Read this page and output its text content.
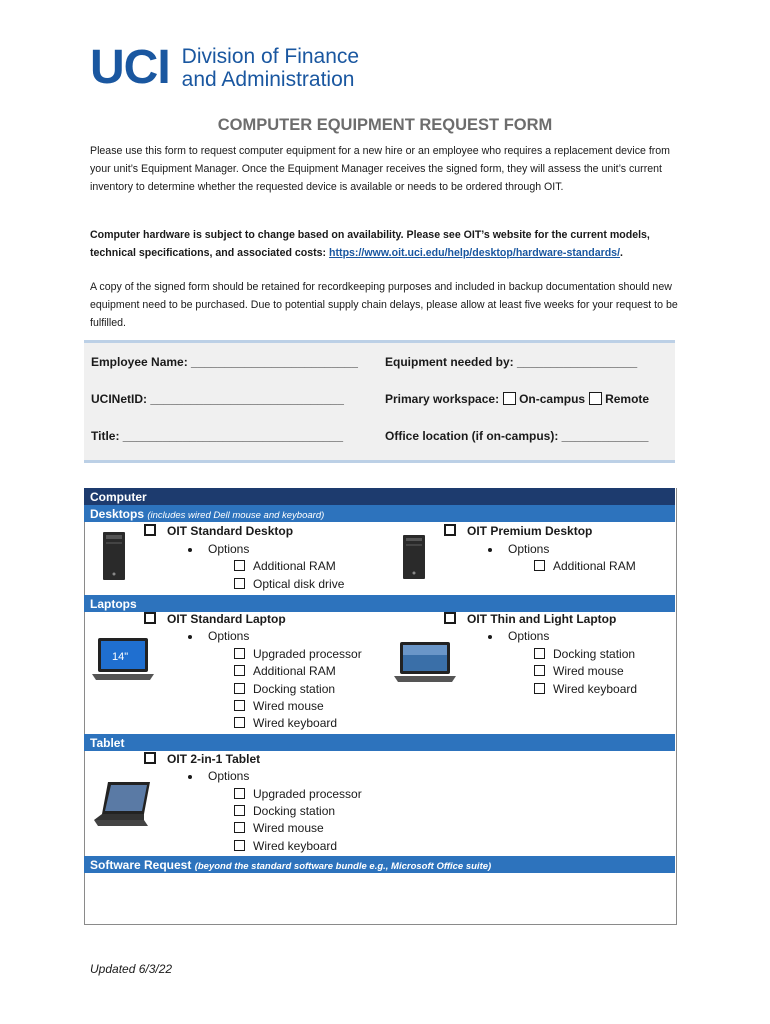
UCI Division of Finance
and Administration
COMPUTER EQUIPMENT REQUEST FORM
Please use this form to request computer equipment for a new hire or an employee who requires a replacement device from your unit’s Equipment Manager. Once the Equipment Manager receives the signed form, they will assess the unit’s current inventory to determine whether the requested device is available or needs to be ordered through OIT.
Computer hardware is subject to change based on availability. Please see OIT’s website for the current models, technical specifications, and associated costs: https://www.oit.uci.edu/help/desktop/hardware-standards/.
A copy of the signed form should be retained for recordkeeping purposes and included in backup documentation should new equipment need to be purchased. Due to potential supply chain delays, please allow at least five weeks for your request to be fulfilled.
Employee Name: _________________________
UCINetID: _____________________________
Title: _________________________________
Equipment needed by: __________________
Primary workspace: On-campus Remote
Office location (if on-campus): _____________
Computer
Desktops (includes wired Dell mouse and keyboard)
OIT Standard Desktop
Options
Additional RAM
Optical disk drive
OIT Premium Desktop
Options
Additional RAM
Laptops
14"
OIT Standard Laptop
Options
Upgraded processor
Additional RAM
Docking station
Wired mouse
Wired keyboard
OIT Thin and Light Laptop
Options
Docking station
Wired mouse
Wired keyboard
Tablet
OIT 2-in-1 Tablet
Options
Upgraded processor
Docking station
Wired mouse
Wired keyboard
Software Request (beyond the standard software bundle e.g., Microsoft Office suite)
Updated 6/3/22
